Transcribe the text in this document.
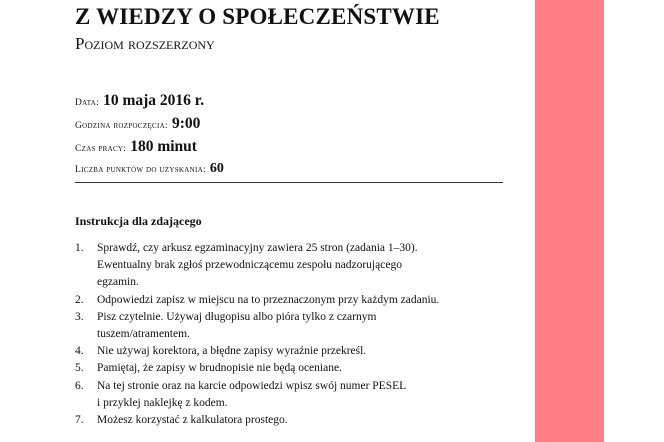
Z WIEDZY O SPOŁECZEŃSTWIE
Poziom rozszerzony
Data: 10 maja 2016 r.
Godzina rozpoczęcia: 9:00
Czas pracy: 180 minut
Liczba punktów do uzyskania: 60
Instrukcja dla zdającego
1. Sprawdź, czy arkusz egzaminacyjny zawiera 25 stron (zadania 1–30).
Ewentualny brak zgłoś przewodniczącemu zespołu nadzorującego
egzamin.
2. Odpowiedzi zapisz w miejscu na to przeznaczonym przy każdym zadaniu.
3. Pisz czytelnie. Używaj długopisu albo pióra tylko z czarnym
tuszem/atramentem.
4. Nie używaj korektora, a błędne zapisy wyraźnie przekreśl.
5. Pamiętaj, że zapisy w brudnopisie nie będą oceniane.
6. Na tej stronie oraz na karcie odpowiedzi wpisz swój numer PESEL
i przyklej naklejkę z kodem.
7. Możesz korzystać z kalkulatora prostego.
